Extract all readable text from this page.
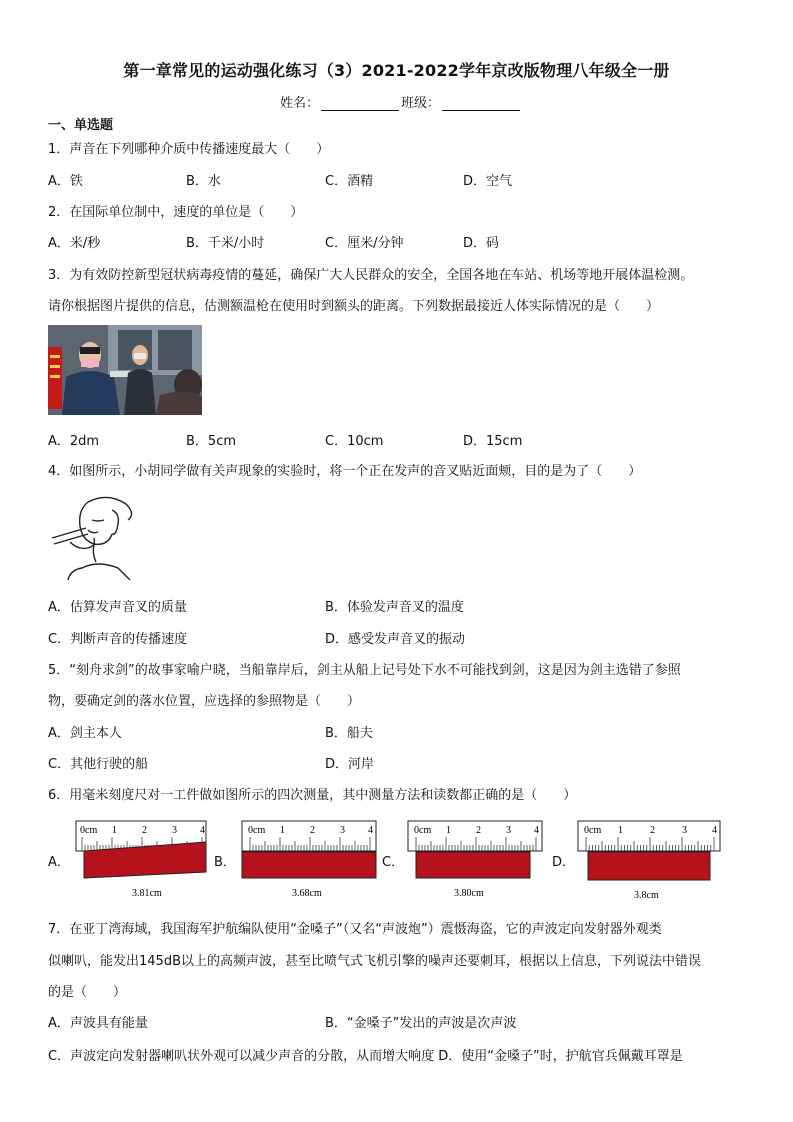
第一章常见的运动强化练习（3）2021-2022学年京改版物理八年级全一册
姓名：	班级：
一、单选题
1．声音在下列哪种介质中传播速度最大（　　）
A．铁	B．水	C．酒精	D．空气
2．在国际单位制中，速度的单位是（　　）
A．米/秒	B．千米/小时	C．厘米/分钟	D．码
3．为有效防控新型冠状病毒疫情的蔓延，确保广大人民群众的安全，全国各地在车站、机场等地开展体温检测。
请你根据图片提供的信息，估测额温枪在使用时到额头的距离。下列数据最接近人体实际情况的是（　　）
A．2dm	B．5cm	C．10cm	D．15cm
4．如图所示，小胡同学做有关声现象的实验时，将一个正在发声的音叉贴近面颊，目的是为了（　　）
A．估算发声音叉的质量	B．体验发声音叉的温度
C．判断声音的传播速度	D．感受发声音叉的振动
5．“刻舟求剑”的故事家喻户晓，当船靠岸后，剑主从船上记号处下水不可能找到剑，这是因为剑主选错了参照
物，要确定剑的落水位置，应选择的参照物是（　　）
A．剑主本人	B．船夫
C．其他行驶的船	D．河岸
6．用毫米刻度尺对一工件做如图所示的四次测量，其中测量方法和读数都正确的是（　　）
A．
0cm 1	2	3 4
3.81cm
B．
0cm 1	2	3 4
3.68cm
C．
0cm 1	2	3 4
3.80cm
D．
0cm 1	2	3	4
3.8cm
7．在亚丁湾海域，我国海军护航编队使用“金嗓子”（又名“声波炮”）震慑海盗，它的声波定向发射器外观类
似喇叭，能发出145dB以上的高频声波，甚至比喷气式飞机引擎的噪声还要刺耳，根据以上信息，下列说法中错误
的是（　　）
A．声波具有能量	B．“金嗓子”发出的声波是次声波
C．声波定向发射器喇叭状外观可以减少声音的分散，从而增大响度 D．使用“金嗓子”时，护航官兵佩戴耳罩是
